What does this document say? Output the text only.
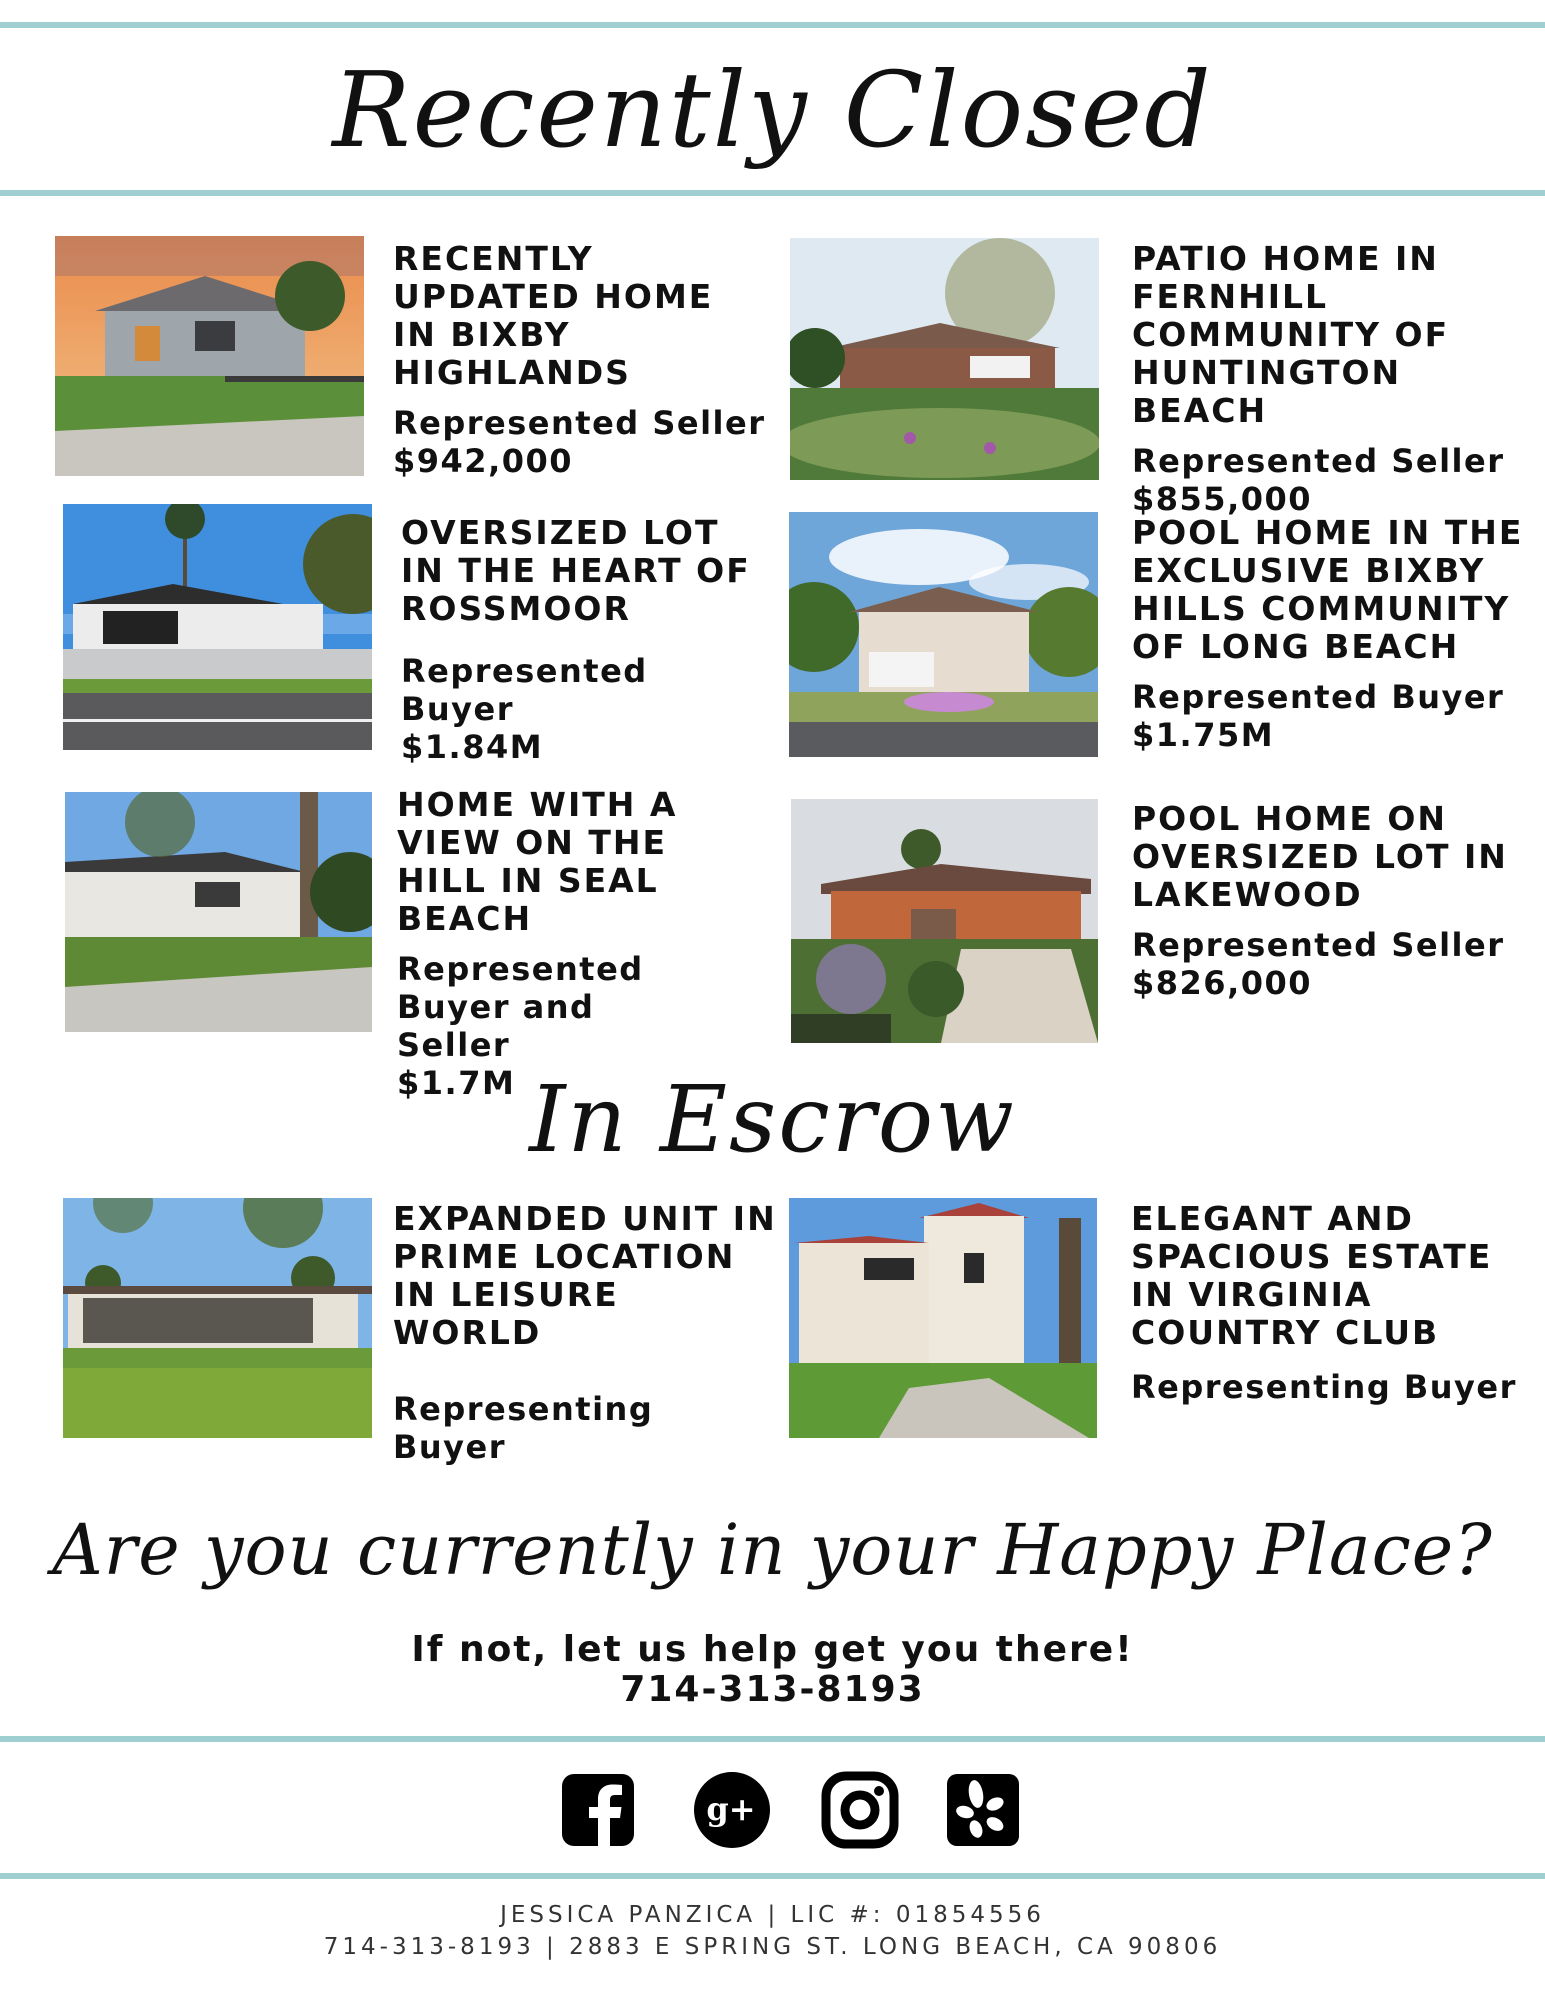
Recently Closed
RECENTLY UPDATED HOME IN BIXBY HIGHLANDS
Represented Seller
$942,000
PATIO HOME IN FERNHILL COMMUNITY OF HUNTINGTON BEACH
Represented Seller
$855,000
OVERSIZED LOT IN THE HEART OF ROSSMOOR
Represented Buyer
$1.84M
POOL HOME IN THE EXCLUSIVE BIXBY HILLS COMMUNITY OF LONG BEACH
Represented Buyer
$1.75M
HOME WITH A VIEW ON THE HILL IN SEAL BEACH
Represented Buyer and Seller
$1.7M
POOL HOME ON OVERSIZED LOT IN LAKEWOOD
Represented Seller
$826,000
In Escrow
EXPANDED UNIT IN PRIME LOCATION IN LEISURE WORLD
Representing Buyer
ELEGANT AND SPACIOUS ESTATE IN VIRGINIA COUNTRY CLUB
Representing Buyer
Are you currently in your Happy Place?
If not, let us help get you there!
714-313-8193
g+
JESSICA PANZICA | LIC #: 01854556
714-313-8193 | 2883 E SPRING ST. LONG BEACH, CA 90806
